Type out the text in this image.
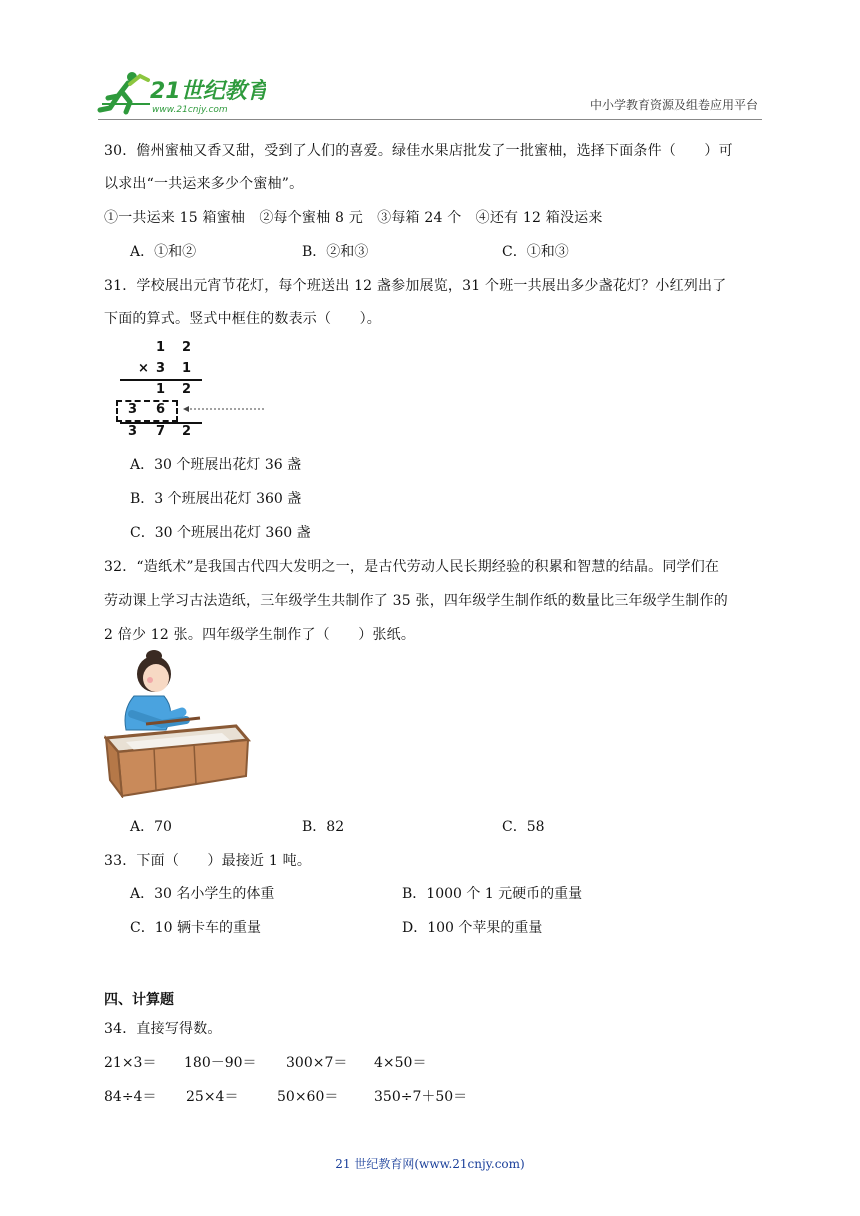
21世纪教育
www.21cnjy.com	中小学教育资源及组卷应用平台
30．儋州蜜柚又香又甜，受到了人们的喜爱。绿佳水果店批发了一批蜜柚，选择下面条件（　　）可
以求出“一共运来多少个蜜柚”。
①一共运来 15 箱蜜柚　②每个蜜柚 8 元　③每箱 24 个　④还有 12 箱没运来
A．①和②	B．②和③	C．①和③
31．学校展出元宵节花灯，每个班送出 12 盏参加展览，31 个班一共展出多少盏花灯？小红列出了
下面的算式。竖式中框住的数表示（　　）。
1 2
× 3 1
1 2
3 6
3 7 2
A．30 个班展出花灯 36 盏
B．3 个班展出花灯 360 盏
C．30 个班展出花灯 360 盏
32．“造纸术”是我国古代四大发明之一，是古代劳动人民长期经验的积累和智慧的结晶。同学们在
劳动课上学习古法造纸，三年级学生共制作了 35 张，四年级学生制作纸的数量比三年级学生制作的
2 倍少 12 张。四年级学生制作了（　　）张纸。
A．70	B．82	C．58
33．下面（　　）最接近 1 吨。
A．30 名小学生的体重	B．1000 个 1 元硬币的重量
C．10 辆卡车的重量	D．100 个苹果的重量
四、计算题
34．直接写得数。
21×3＝ 180－90＝ 300×7＝ 4×50＝
84÷4＝ 25×4＝	50×60＝	350÷7＋50＝
21 世纪教育网(www.21cnjy.com)
